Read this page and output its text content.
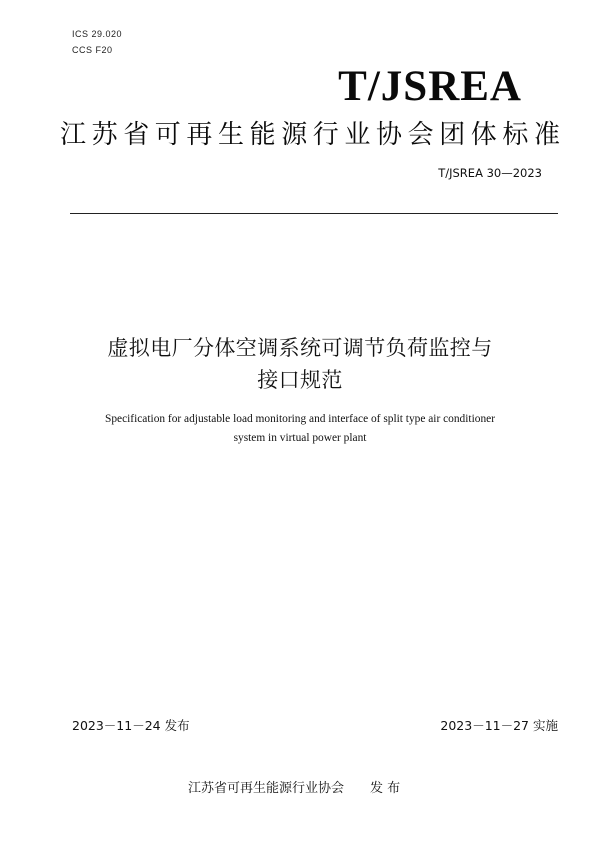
ICS 29.020

CCS F20

T/JSREA
江苏省可再生能源行业协会团体标准
T/JSREA 30—2023
虚拟电厂分体空调系统可调节负荷监控与
接口规范
Specification for adjustable load monitoring and interface of split type air conditioner
system in virtual power plant
2023－11－24 发布	2023－11－27 实施
江苏省可再生能源行业协会 发 布
